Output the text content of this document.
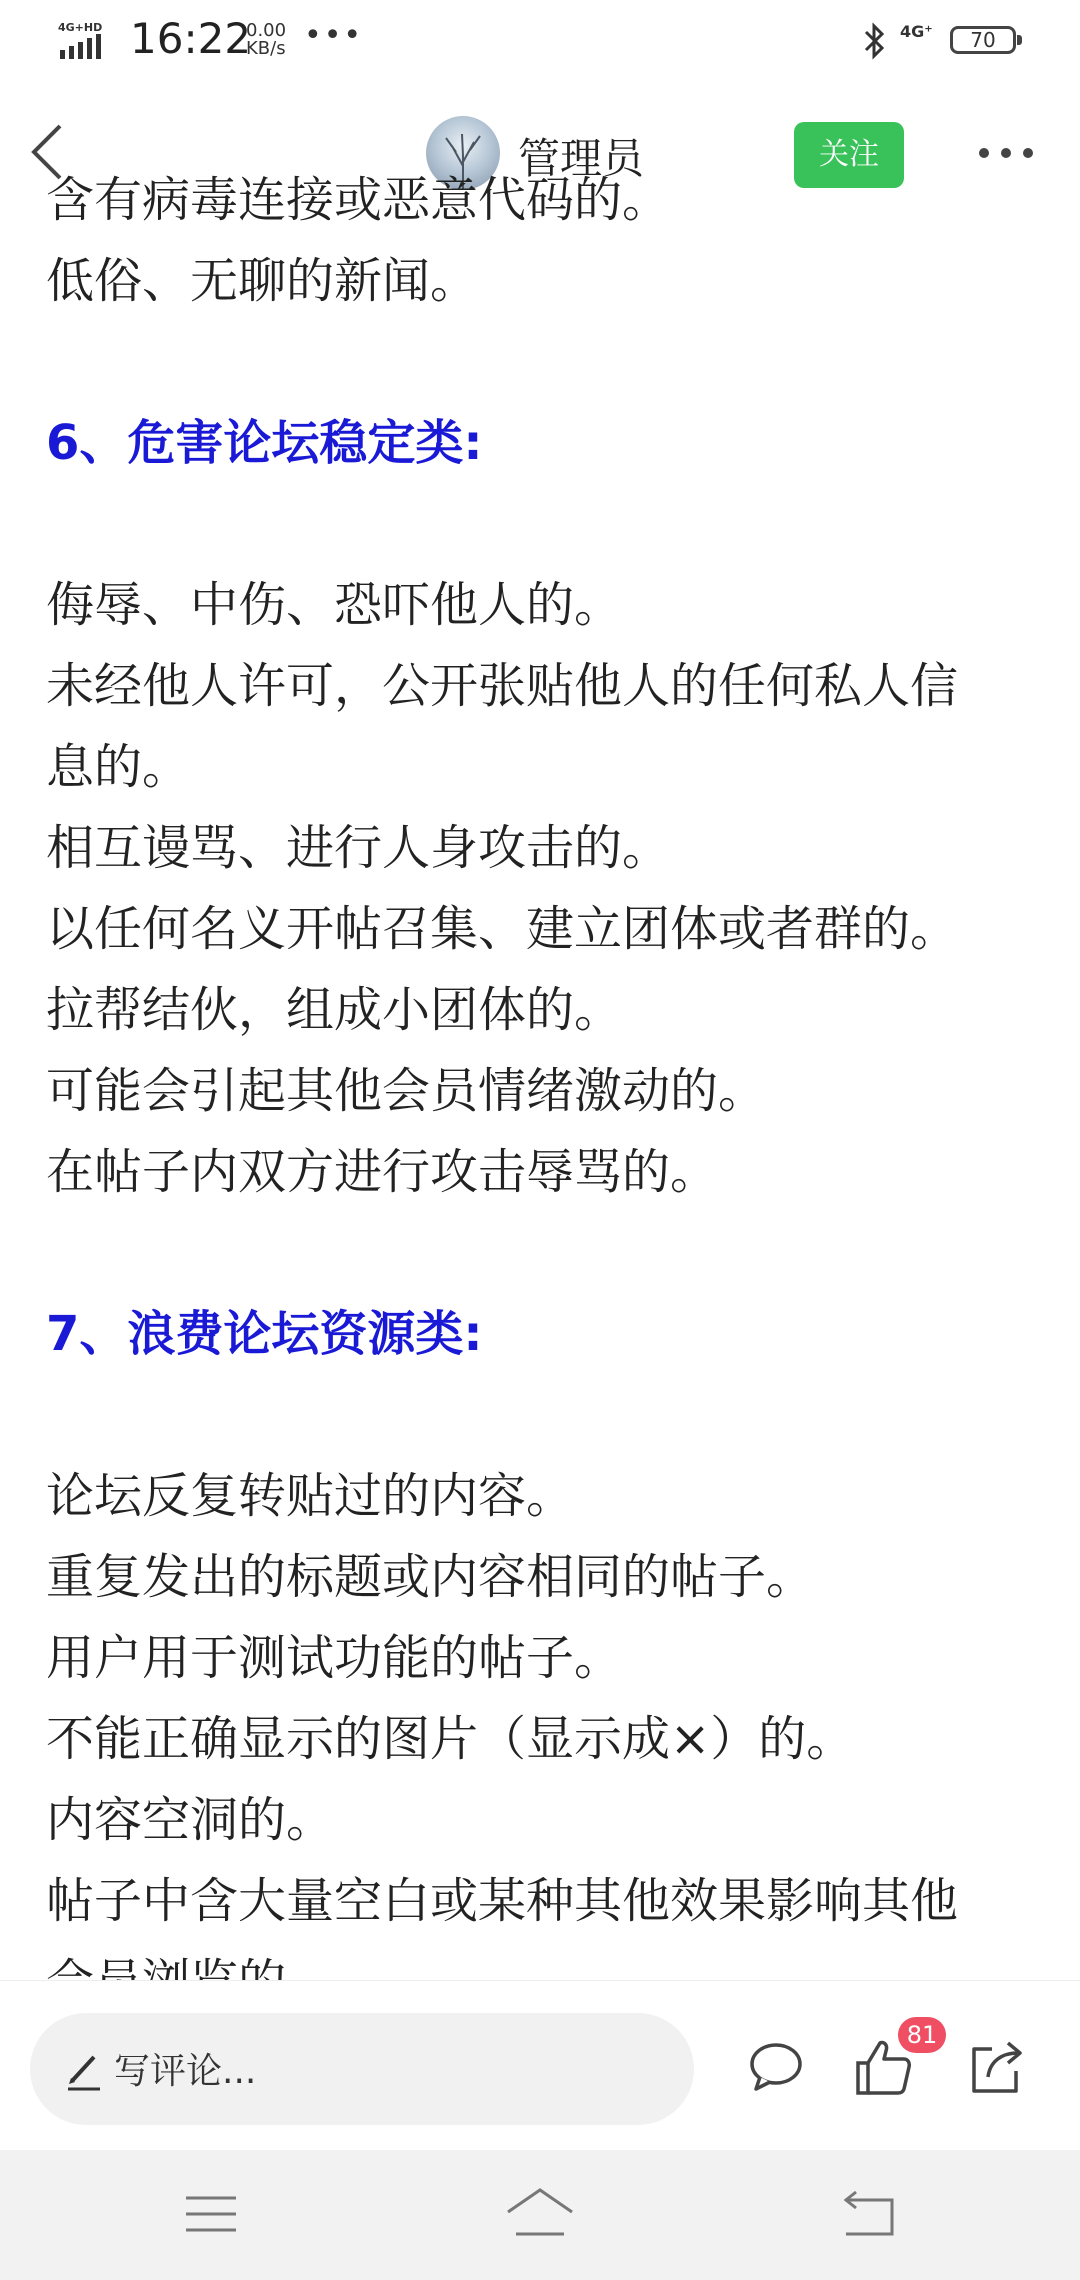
4G+HD 16:22
0.00
KB/s •••	4G⁺	70
管理员	关注
含有病毒连接或恶意代码的。
低俗、无聊的新闻。
6、危害论坛稳定类:
侮辱、中伤、恐吓他人的。
未经他人许可，公开张贴他人的任何私人信
息的。
相互谩骂、进行人身攻击的。
以任何名义开帖召集、建立团体或者群的。
拉帮结伙，组成小团体的。
可能会引起其他会员情绪激动的。
在帖子内双方进行攻击辱骂的。
7、浪费论坛资源类:
论坛反复转贴过的内容。
重复发出的标题或内容相同的帖子。
用户用于测试功能的帖子。
不能正确显示的图片（显示成×）的。
内容空洞的。
帖子中含大量空白或某种其他效果影响其他
写评论...
81
